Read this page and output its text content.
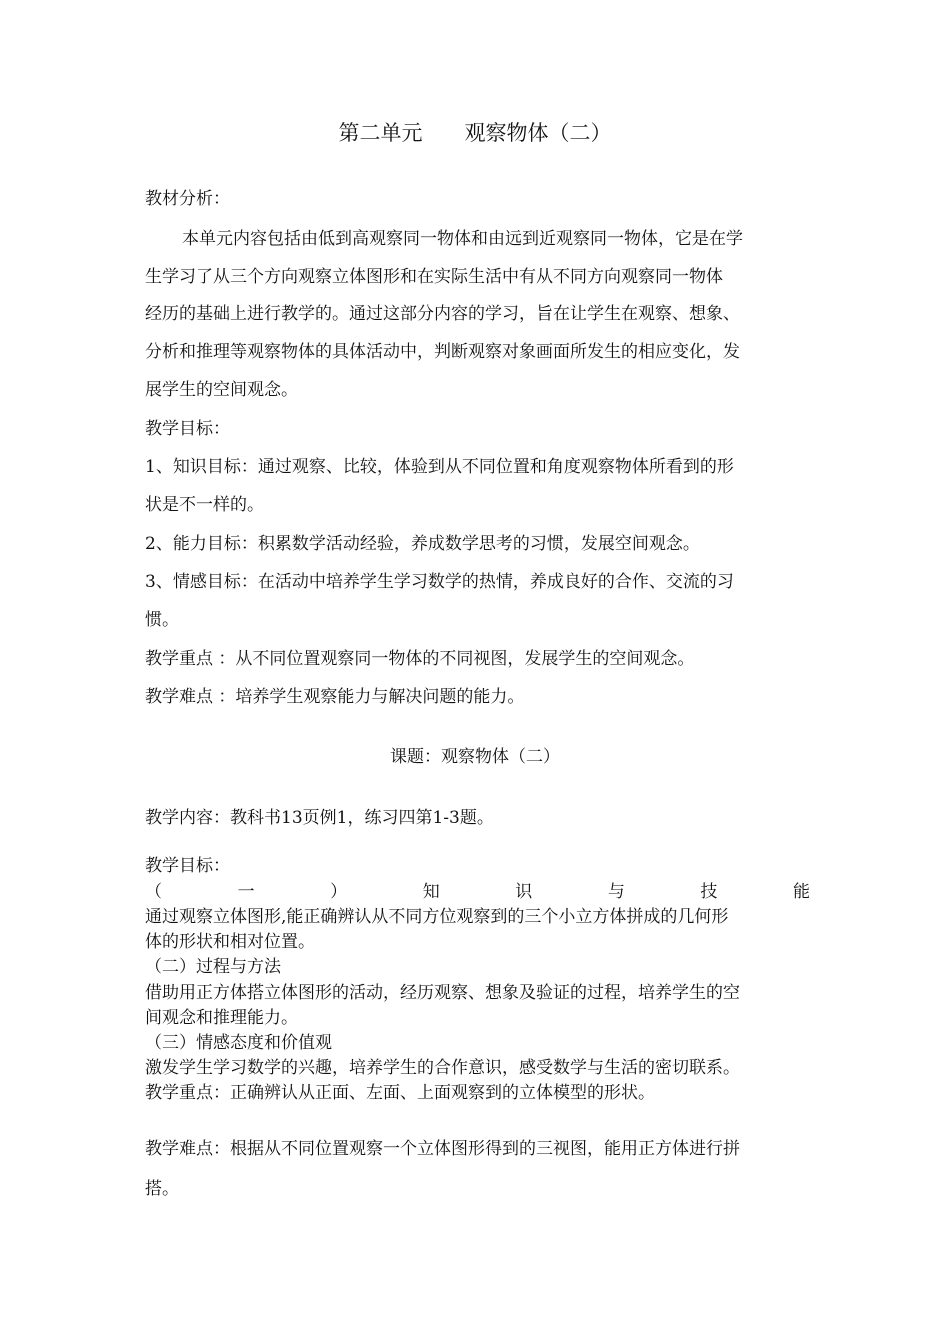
第二单元 观察物体（二）
教材分析：
本单元内容包括由低到高观察同一物体和由远到近观察同一物体，它是在学
生学习了从三个方向观察立体图形和在实际生活中有从不同方向观察同一物体
经历的基础上进行教学的。通过这部分内容的学习，旨在让学生在观察、想象、
分析和推理等观察物体的具体活动中，判断观察对象画面所发生的相应变化，发
展学生的空间观念。
教学目标：
1、知识目标：通过观察、比较，体验到从不同位置和角度观察物体所看到的形
状是不一样的。
2、能力目标：积累数学活动经验，养成数学思考的习惯，发展空间观念。
3、情感目标：在活动中培养学生学习数学的热情，养成良好的合作、交流的习
惯。
教学重点 ：从不同位置观察同一物体的不同视图，发展学生的空间观念。
教学难点 ：培养学生观察能力与解决问题的能力。
课题：观察物体（二）
教学内容：教科书13页例1，练习四第1-3题。
教学目标：
（	一	）	知	识	与	技	能
通过观察立体图形,能正确辨认从不同方位观察到的三个小立方体拼成的几何形
体的形状和相对位置。
（二）过程与方法
借助用正方体搭立体图形的活动，经历观察、想象及验证的过程，培养学生的空
间观念和推理能力。
（三）情感态度和价值观
激发学生学习数学的兴趣，培养学生的合作意识，感受数学与生活的密切联系。
教学重点：正确辨认从正面、左面、上面观察到的立体模型的形状。
教学难点：根据从不同位置观察一个立体图形得到的三视图，能用正方体进行拼
搭。
